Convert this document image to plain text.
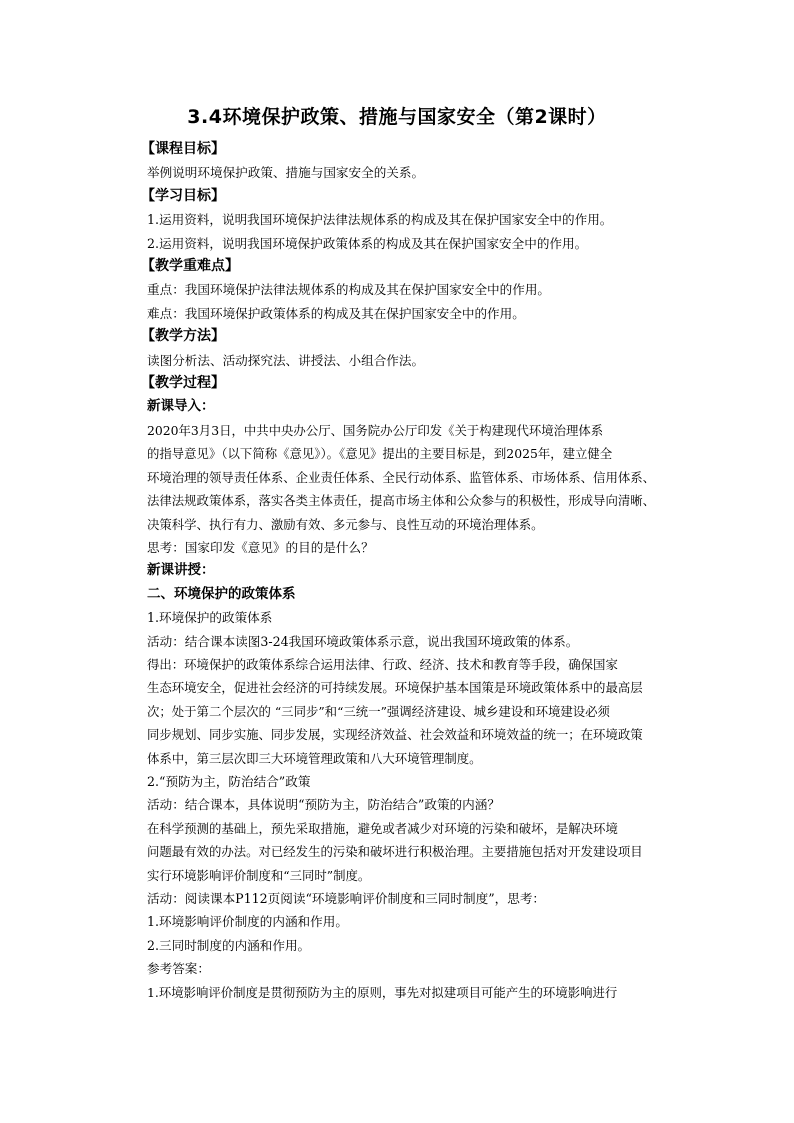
3.4环境保护政策、措施与国家安全（第2课时）
【课程目标】
举例说明环境保护政策、措施与国家安全的关系。
【学习目标】
1.运用资料，说明我国环境保护法律法规体系的构成及其在保护国家安全中的作用。
2.运用资料，说明我国环境保护政策体系的构成及其在保护国家安全中的作用。
【教学重难点】
重点：我国环境保护法律法规体系的构成及其在保护国家安全中的作用。
难点：我国环境保护政策体系的构成及其在保护国家安全中的作用。
【教学方法】
读图分析法、活动探究法、讲授法、小组合作法。
【教学过程】
新课导入：
2020年3月3日，中共中央办公厅、国务院办公厅印发《关于构建现代环境治理体系
的指导意见》（以下简称《意见》）。《意见》提出的主要目标是，到2025年，建立健全
环境治理的领导责任体系、企业责任体系、全民行动体系、监管体系、市场体系、信用体系、
法律法规政策体系，落实各类主体责任，提高市场主体和公众参与的积极性，形成导向清晰、
决策科学、执行有力、激励有效、多元参与、良性互动的环境治理体系。
思考：国家印发《意见》的目的是什么？
新课讲授：
二、环境保护的政策体系
1.环境保护的政策体系
活动：结合课本读图3-24我国环境政策体系示意，说出我国环境政策的体系。
得出：环境保护的政策体系综合运用法律、行政、经济、技术和教育等手段，确保国家
生态环境安全，促进社会经济的可持续发展。环境保护基本国策是环境政策体系中的最高层
次；处于第二个层次的 “三同步”和“三统一”强调经济建设、城乡建设和环境建设必须
同步规划、同步实施、同步发展，实现经济效益、社会效益和环境效益的统一；在环境政策
体系中，第三层次即三大环境管理政策和八大环境管理制度。
2.“预防为主，防治结合”政策
活动：结合课本，具体说明“预防为主，防治结合”政策的内涵？
在科学预测的基础上，预先采取措施，避免或者减少对环境的污染和破坏，是解决环境
问题最有效的办法。对已经发生的污染和破坏进行积极治理。主要措施包括对开发建设项目
实行环境影响评价制度和“三同时”制度。
活动：阅读课本P112页阅读“环境影响评价制度和三同时制度”，思考：
1.环境影响评价制度的内涵和作用。
2.三同时制度的内涵和作用。
参考答案：
1.环境影响评价制度是贯彻预防为主的原则，事先对拟建项目可能产生的环境影响进行
